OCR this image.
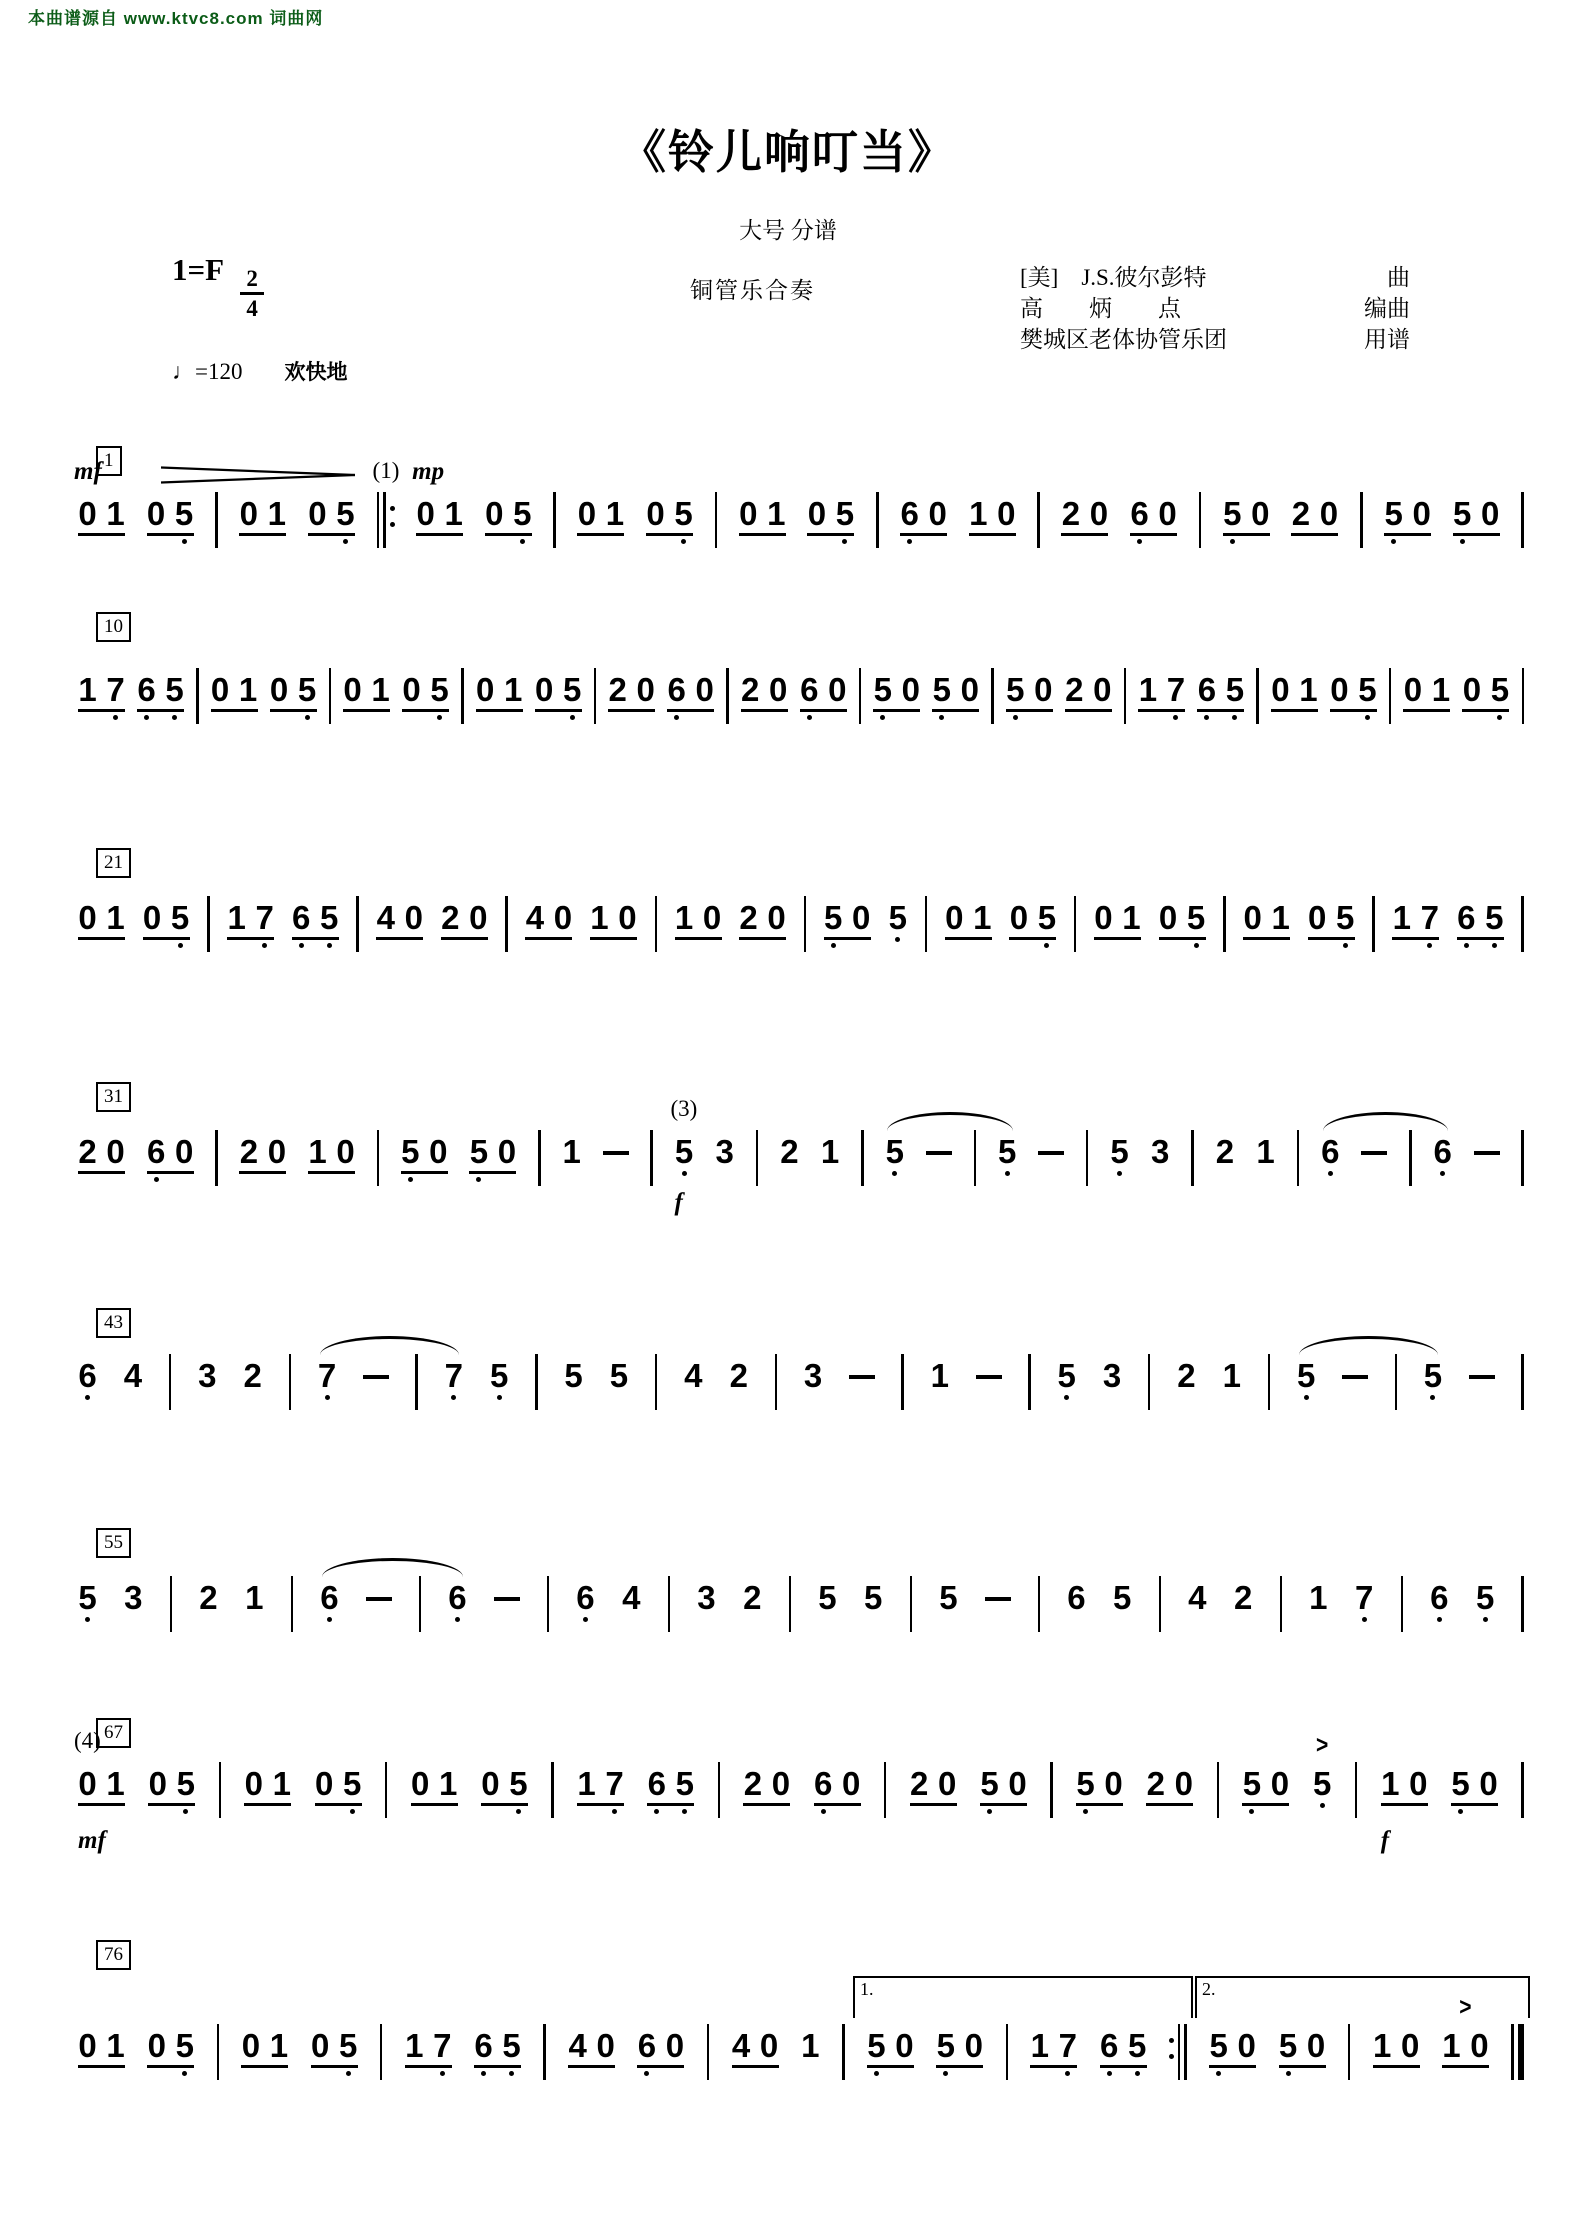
本曲谱源自 www.ktvc8.com 词曲网
《铃儿响叮当》
大号 分谱
$1=F \frac{2}{4}$
♩=120 欢快地
铜管乐合奏
[美]　J.S.彼尔彭特	曲
高　　炳　　点	编曲
樊城区老体协管乐团	用谱
1
0 1
mf
0 5 0 1 0 5
(1)
0 1
mp
0 5 0 1 0 5 0 1 0 5 6 0 1 0 2 0 6 0 5 0 2 0 5 0 5 0
10
1 7 6 5 0 1 0 5 0 1 0 5 0 1 0 5 2 0 6 0 2 0 6 0 5 0 5 0 5 0 2 0 1 7 6 5 0 1 0 5 0 1 0 5
21
0 1 0 5 1 7 6 5 4 0 2 0 4 0 1 0 1 0 2 0 5 0 5 0 1 0 5 0 1 0 5 0 1 0 5 1 7 6 5
31
2 0 6 0 2 0 1 0 5 0 5 0 1	5
(3)
f
3 2 1 5	5	5 3 2 1 6	6
43
6 4 3 2 7	7 5 5 5 4 2 3	1	5 3 2 1 5	5
55
5 3 2 1 6	6	6 4 3 2 5 5 5	6 5 4 2 1 7 6 5
67
0 1
(4)
mf
0 5 0 1 0 5 0 1 0 5 1 7 6 5 2 0 6 0 2 0 5 0 5 0 2 0 5 0 5
>
1 0
f
5 0
76
0 1 0 5 0 1 0 5 1 7 6 5 4 0 6 0 4 0 1 5 0 5 0 1 7 6 5 5 0 5 0 1 0 1 0
>
1.	2.
